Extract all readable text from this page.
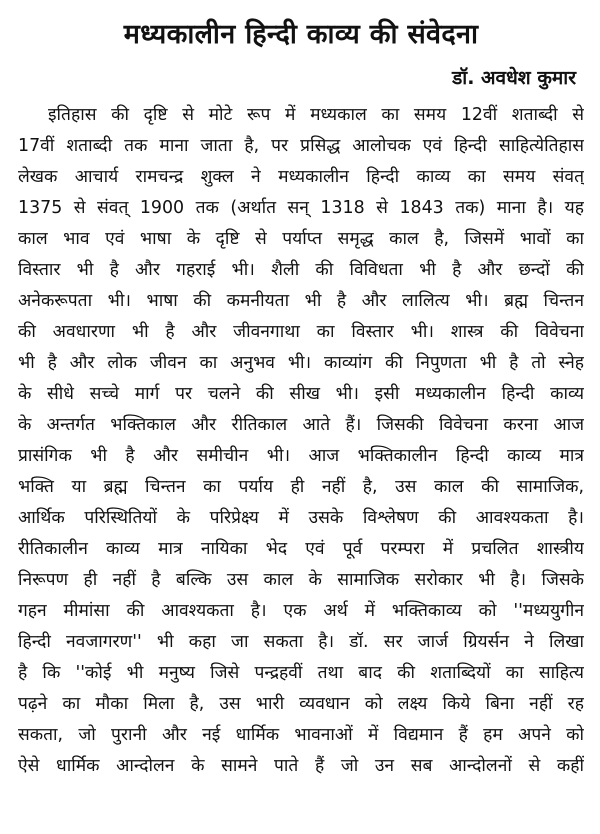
मध्यकालीन हिन्दी काव्य की संवेदना
डॉ. अवधेश कुमार
इतिहास की दृष्टि से मोटे रूप में मध्यकाल का समय 12वीं शताब्दी से
17वीं शताब्दी तक माना जाता है, पर प्रसिद्ध आलोचक एवं हिन्दी साहित्येतिहास
लेखक आचार्य रामचन्द्र शुक्ल ने मध्यकालीन हिन्दी काव्य का समय संवत्
1375 से संवत् 1900 तक (अर्थात सन् 1318 से 1843 तक) माना है। यह
काल भाव एवं भाषा के दृष्टि से पर्याप्त समृद्ध काल है, जिसमें भावों का
विस्तार भी है और गहराई भी। शैली की विविधता भी है और छन्दों की
अनेकरूपता भी। भाषा की कमनीयता भी है और लालित्य भी। ब्रह्म चिन्तन
की अवधारणा भी है और जीवनगाथा का विस्तार भी। शास्त्र की विवेचना
भी है और लोक जीवन का अनुभव भी। काव्यांग की निपुणता भी है तो स्नेह
के सीधे सच्चे मार्ग पर चलने की सीख भी। इसी मध्यकालीन हिन्दी काव्य
के अन्तर्गत भक्तिकाल और रीतिकाल आते हैं। जिसकी विवेचना करना आज
प्रासंगिक भी है और समीचीन भी। आज भक्तिकालीन हिन्दी काव्य मात्र
भक्ति या ब्रह्म चिन्तन का पर्याय ही नहीं है, उस काल की सामाजिक,
आर्थिक परिस्थितियों के परिप्रेक्ष्य में उसके विश्लेषण की आवश्यकता है।
रीतिकालीन काव्य मात्र नायिका भेद एवं पूर्व परम्परा में प्रचलित शास्त्रीय
निरूपण ही नहीं है बल्कि उस काल के सामाजिक सरोकार भी है। जिसके
गहन मीमांसा की आवश्यकता है। एक अर्थ में भक्तिकाव्य को ''मध्ययुगीन
हिन्दी नवजागरण'' भी कहा जा सकता है। डॉ. सर जार्ज ग्रियर्सन ने लिखा
है कि ''कोई भी मनुष्य जिसे पन्द्रहवीं तथा बाद की शताब्दियों का साहित्य
पढ़ने का मौका मिला है, उस भारी व्यवधान को लक्ष्य किये बिना नहीं रह
सकता, जो पुरानी और नई धार्मिक भावनाओं में विद्यमान हैं हम अपने को
ऐसे धार्मिक आन्दोलन के सामने पाते हैं जो उन सब आन्दोलनों से कहीं
